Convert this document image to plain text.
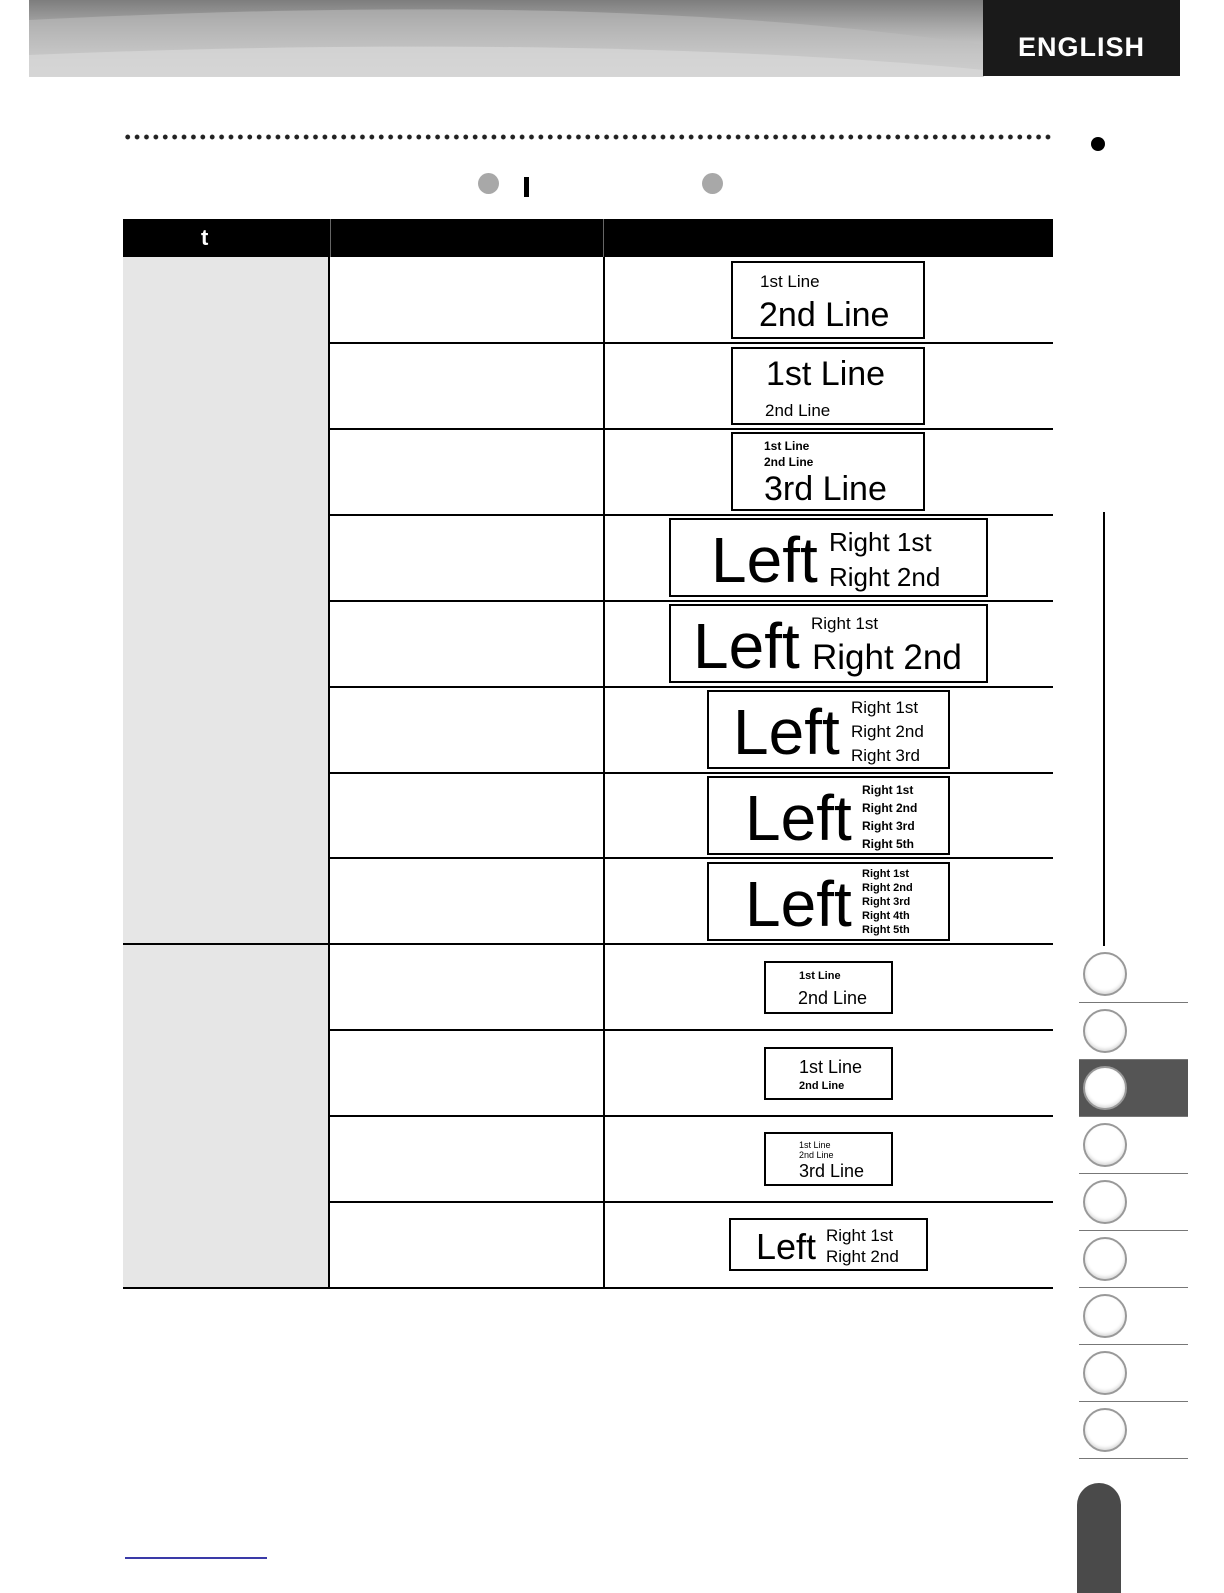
ENGLISH
t
1st Line
2nd Line
1st Line
2nd Line
1st Line
2nd Line
3rd Line
Left Right 1st
Right 2nd
Left Right 1st
Right 2nd
Left Right 1st
Right 2nd
Right 3rd
Left Right 1st
Right 2nd
Right 3rd
Right 5th
Left Right 1st
Right 2nd
Right 3rd
Right 4th
Right 5th
1st Line
2nd Line
1st Line
2nd Line
1st Line
2nd Line
3rd Line
Left Right 1st
Right 2nd
